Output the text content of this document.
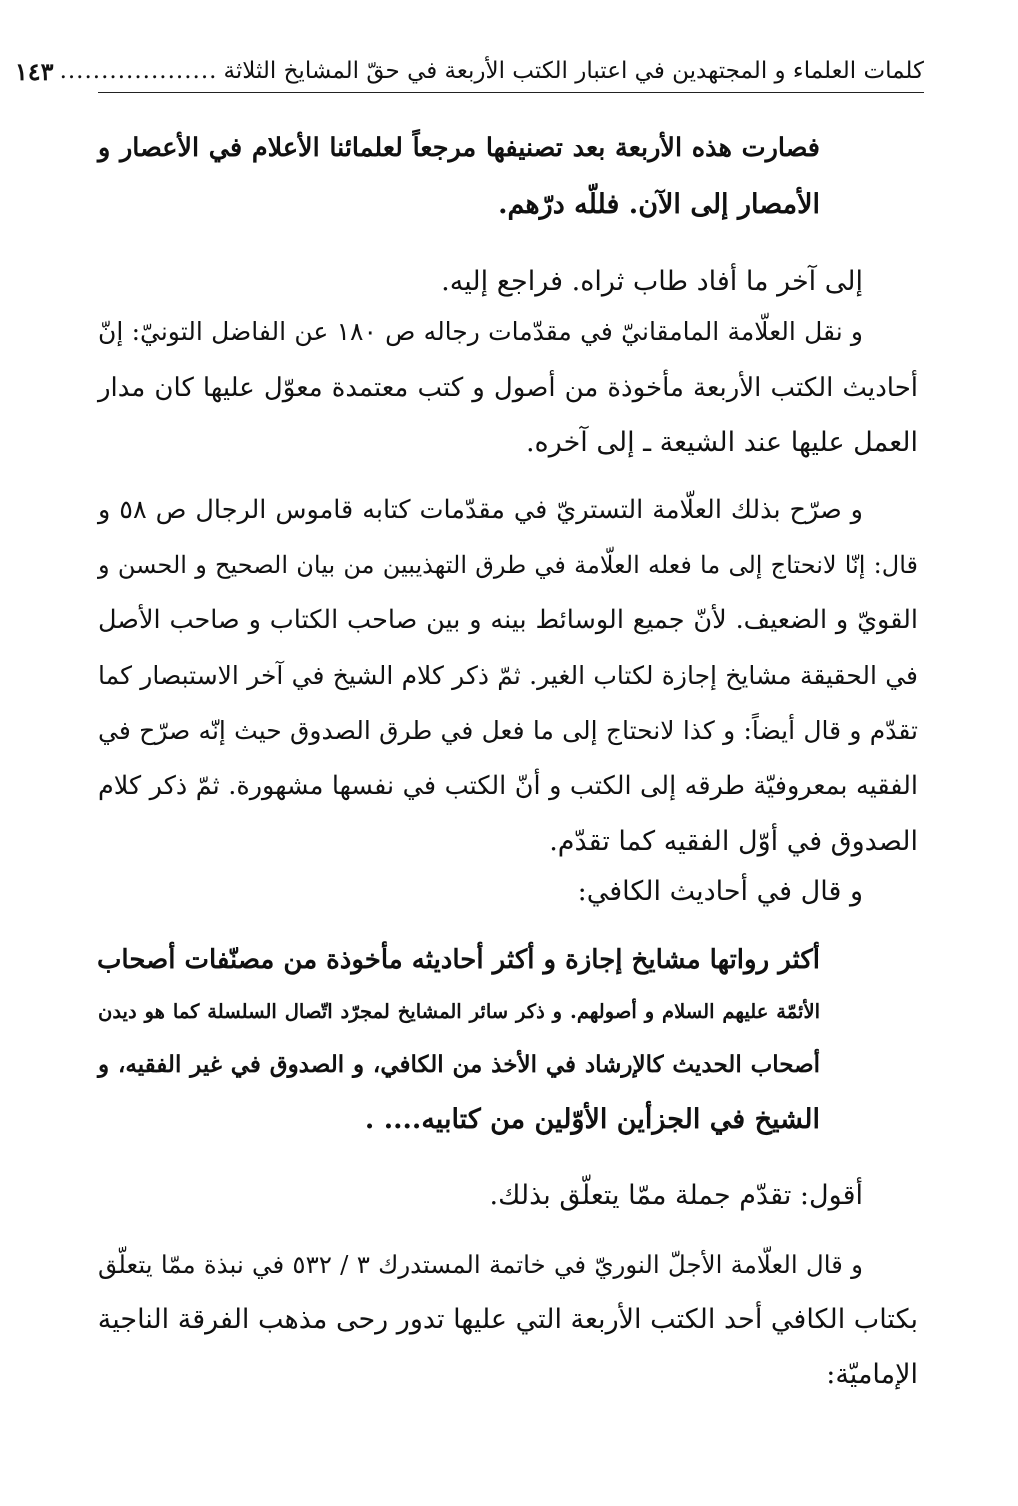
كلمات العلماء و المجتهدين في اعتبار الكتب الأربعة في حقّ المشايخ الثلاثة
...................
١٤٣
فصارت هذه الأربعة بعد تصنيفها مرجعاً لعلمائنا الأعلام في الأعصار و
الأمصار إلى الآن. فللّه درّهم.
إلى آخر ما أفاد طاب ثراه. فراجع إليه.
و نقل العلّامة المامقانيّ في مقدّمات رجاله ص ١٨٠ عن الفاضل التونيّ: إنّ
أحاديث الكتب الأربعة مأخوذة من أصول و كتب معتمدة معوّل عليها كان مدار
العمل عليها عند الشيعة ـ إلى آخره.
و صرّح بذلك العلّامة التستريّ في مقدّمات كتابه قاموس الرجال ص ٥٨ و
قال: إنّا لانحتاج إلى ما فعله العلّامة في طرق التهذيبين من بيان الصحيح و الحسن و
القويّ و الضعيف. لأنّ جميع الوسائط بينه و بين صاحب الكتاب و صاحب الأصل
في الحقيقة مشايخ إجازة لكتاب الغير. ثمّ ذكر كلام الشيخ في آخر الاستبصار كما
تقدّم و قال أيضاً: و كذا لانحتاج إلى ما فعل في طرق الصدوق حيث إنّه صرّح في
الفقيه بمعروفيّة طرقه إلى الكتب و أنّ الكتب في نفسها مشهورة. ثمّ ذكر كلام
الصدوق في أوّل الفقيه كما تقدّم.
و قال في أحاديث الكافي:
أكثر رواتها مشايخ إجازة و أكثر أحاديثه مأخوذة من مصنّفات أصحاب
الأئمّة عليهم السلام و أصولهم. و ذكر سائر المشايخ لمجرّد اتّصال السلسلة كما هو ديدن
أصحاب الحديث كالإرشاد في الأخذ من الكافي، و الصدوق في غير الفقيه، و
الشيخ في الجزأين الأوّلين من كتابيه.... .
أقول: تقدّم جملة ممّا يتعلّق بذلك.
و قال العلّامة الأجلّ النوريّ في خاتمة المستدرك ٣ / ٥٣٢ في نبذة ممّا يتعلّق
بكتاب الكافي أحد الكتب الأربعة التي عليها تدور رحى مذهب الفرقة الناجية
الإماميّة:
